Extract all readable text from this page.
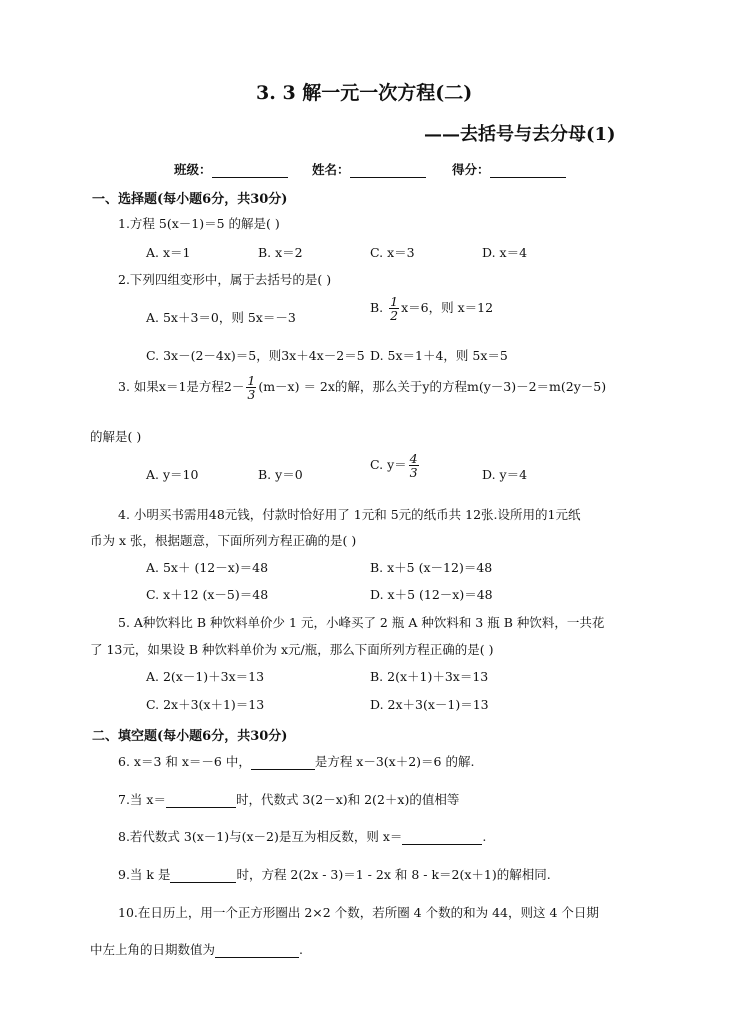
3. 3 解一元一次方程(二)
——去括号与去分母(1)
班级：	姓名：	得分：
一、选择题(每小题6分，共30分)
1.方程 5(x－1)＝5 的解是( )
A. x＝1	B. x＝2	C. x＝3	D. x＝4
2.下列四组变形中，属于去括号的是( )
A. 5x＋3＝0，则 5x＝－3
B. $\frac{1}{2} x=6$，则 x＝12
C. 3x－(2－4x)＝5，则3x＋4x－2＝5 D. 5x＝1＋4，则 5x＝5
3. 如果x＝1是方程$2- \frac{1}{3} (m-x) = 2x$的解，那么关于y的方程m(y－3)－2＝m(2y－5)
的解是( )
A. y＝10	B. y＝0
C. $y= \frac{4}{3}$	D. y＝4
4. 小明买书需用48元钱，付款时恰好用了 1元和 5元的纸币共 12张.设所用的1元纸
币为 x 张，根据题意，下面所列方程正确的是( )
A. 5x＋ (12－x)＝48	B. x＋5 (x－12)＝48
C. x＋12 (x－5)＝48	D. x＋5 (12－x)＝48
5. A种饮料比 B 种饮料单价少 1 元，小峰买了 2 瓶 A 种饮料和 3 瓶 B 种饮料，一共花
了 13元，如果设 B 种饮料单价为 x元/瓶，那么下面所列方程正确的是( )
A. 2(x－1)＋3x＝13	B. 2(x＋1)＋3x＝13
C. 2x＋3(x＋1)＝13	D. 2x＋3(x－1)＝13
二、填空题(每小题6分，共30分)
6. x＝3 和 x＝－6 中，	是方程 x－3(x＋2)＝6 的解.
7.当 x＝	时，代数式 3(2－x)和 2(2＋x)的值相等
8.若代数式 3(x－1)与(x－2)是互为相反数，则 x＝	.
9.当 k 是	时，方程 2(2x - 3)＝1 - 2x 和 8 - k＝2(x＋1)的解相同.
10.在日历上，用一个正方形圈出 2×2 个数，若所圈 4 个数的和为 44，则这 4 个日期
中左上角的日期数值为	.
